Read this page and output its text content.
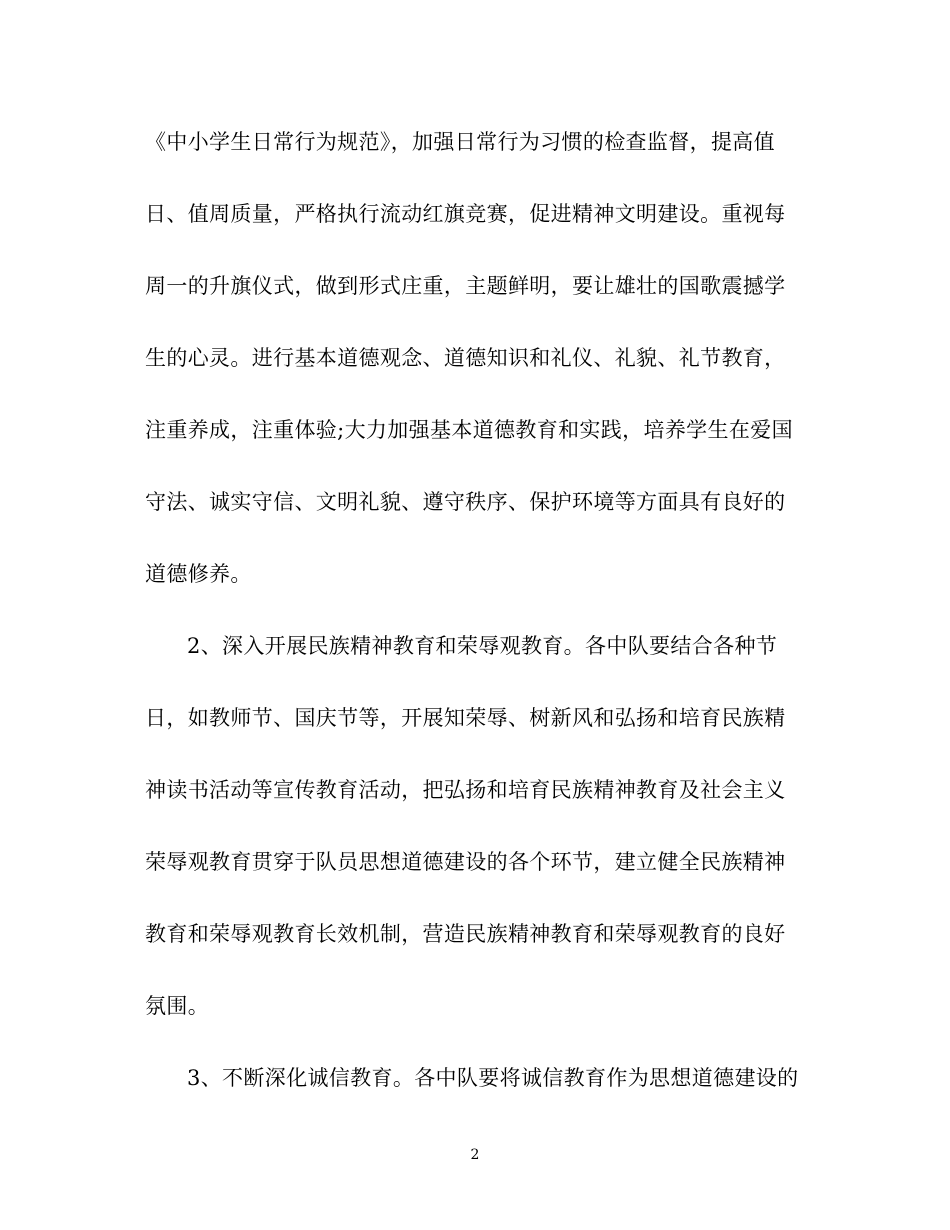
《中小学生日常行为规范》，加强日常行为习惯的检查监督，提高值
日、值周质量，严格执行流动红旗竞赛，促进精神文明建设。重视每
周一的升旗仪式，做到形式庄重，主题鲜明，要让雄壮的国歌震撼学
生的心灵。进行基本道德观念、道德知识和礼仪、礼貌、礼节教育，
注重养成，注重体验;大力加强基本道德教育和实践，培养学生在爱国
守法、诚实守信、文明礼貌、遵守秩序、保护环境等方面具有良好的
道德修养。
2、深入开展民族精神教育和荣辱观教育。各中队要结合各种节
日，如教师节、国庆节等，开展知荣辱、树新风和弘扬和培育民族精
神读书活动等宣传教育活动，把弘扬和培育民族精神教育及社会主义
荣辱观教育贯穿于队员思想道德建设的各个环节，建立健全民族精神
教育和荣辱观教育长效机制，营造民族精神教育和荣辱观教育的良好
氛围。
3、不断深化诚信教育。各中队要将诚信教育作为思想道德建设的
2
